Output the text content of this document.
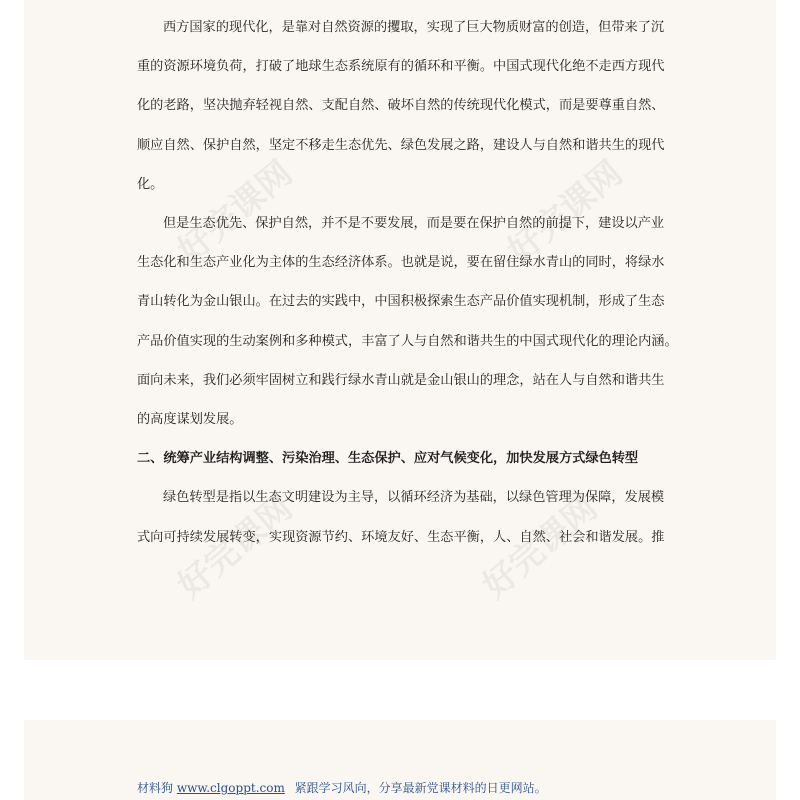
西方国家的现代化，是靠对自然资源的攫取，实现了巨大物质财富的创造，但带来了沉
重的资源环境负荷，打破了地球生态系统原有的循环和平衡。中国式现代化绝不走西方现代
化的老路，坚决抛弃轻视自然、支配自然、破坏自然的传统现代化模式，而是要尊重自然、
顺应自然、保护自然，坚定不移走生态优先、绿色发展之路，建设人与自然和谐共生的现代
化。
但是生态优先、保护自然，并不是不要发展，而是要在保护自然的前提下，建设以产业
生态化和生态产业化为主体的生态经济体系。也就是说，要在留住绿水青山的同时，将绿水
青山转化为金山银山。在过去的实践中，中国积极探索生态产品价值实现机制，形成了生态
产品价值实现的生动案例和多种模式，丰富了人与自然和谐共生的中国式现代化的理论内涵。
面向未来，我们必须牢固树立和践行绿水青山就是金山银山的理念，站在人与自然和谐共生
的高度谋划发展。
二、统筹产业结构调整、污染治理、生态保护、应对气候变化，加快发展方式绿色转型
绿色转型是指以生态文明建设为主导，以循环经济为基础，以绿色管理为保障，发展模
式向可持续发展转变，实现资源节约、环境友好、生态平衡，人、自然、社会和谐发展。推
材料狗 www.clgoppt.com 紧跟学习风向，分享最新党课材料的日更网站。
